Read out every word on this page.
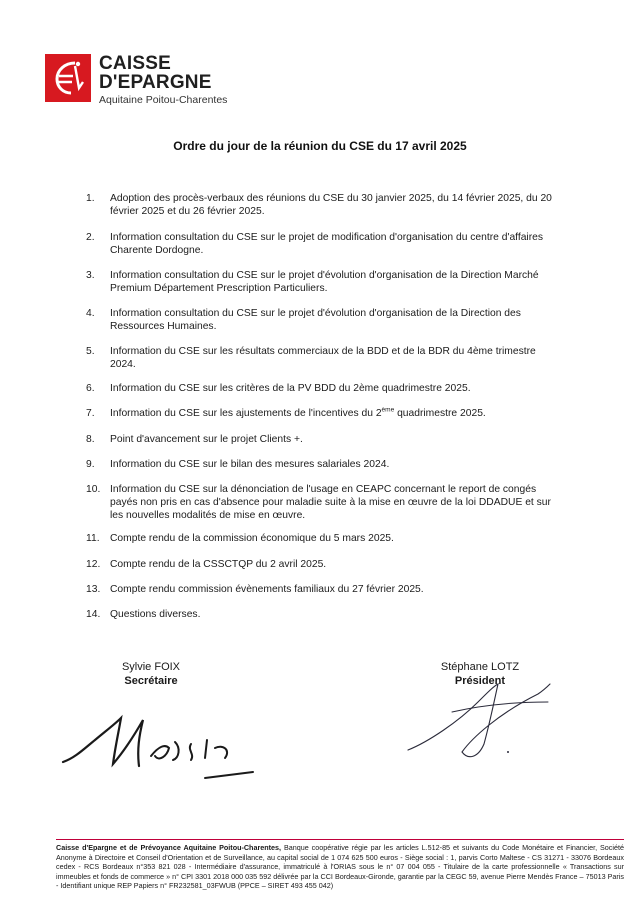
CAISSE
D'EPARGNE
Aquitaine Poitou-Charentes
Ordre du jour de la réunion du CSE du 17 avril 2025
1.	Adoption des procès-verbaux des réunions du CSE du 30 janvier 2025, du 14 février 2025, du 20 février 2025 et du 26 février 2025.
2.	Information consultation du CSE sur le projet de modification d'organisation du centre d'affaires Charente Dordogne.
3.	Information consultation du CSE sur le projet d'évolution d'organisation de la Direction Marché Premium Département Prescription Particuliers.
4.	Information consultation du CSE sur le projet d'évolution d'organisation de la Direction des Ressources Humaines.
5.	Information du CSE sur les résultats commerciaux de la BDD et de la BDR du 4ème trimestre 2024.
6.	Information du CSE sur les critères de la PV BDD du 2ème quadrimestre 2025.
7.	Information du CSE sur les ajustements de l'incentives du 2ème quadrimestre 2025.
8.	Point d'avancement sur le projet Clients +.
9.	Information du CSE sur le bilan des mesures salariales 2024.
10. Information du CSE sur la dénonciation de l'usage en CEAPC concernant le report de congés payés non pris en cas d'absence pour maladie suite à la mise en œuvre de la loi DDADUE et sur les nouvelles modalités de mise en œuvre.
11.	Compte rendu de la commission économique du 5 mars 2025.
12. Compte rendu de la CSSCTQP du 2 avril 2025.
13. Compte rendu commission évènements familiaux du 27 février 2025.
14. Questions diverses.
Sylvie FOIX
Secrétaire
Stéphane LOTZ
Président
Caisse d'Epargne et de Prévoyance Aquitaine Poitou-Charentes, Banque coopérative régie par les articles L.512-85 et suivants du Code Monétaire et Financier, Société Anonyme à Directoire et Conseil d'Orientation et de Surveillance, au capital social de 1 074 625 500 euros - Siège social : 1, parvis Corto Maltese - CS 31271 - 33076 Bordeaux cedex - RCS Bordeaux n°353 821 028 - Intermédiaire d'assurance, immatriculé à l'ORIAS sous le n° 07 004 055 - Titulaire de la carte professionnelle « Transactions sur immeubles et fonds de commerce » n° CPI 3301 2018 000 035 592 délivrée par la CCI Bordeaux-Gironde, garantie par la CEGC 59, avenue Pierre Mendès France – 75013 Paris - Identifiant unique REP Papiers n° FR232581_03FWUB (PPCE – SIRET 493 455 042)
